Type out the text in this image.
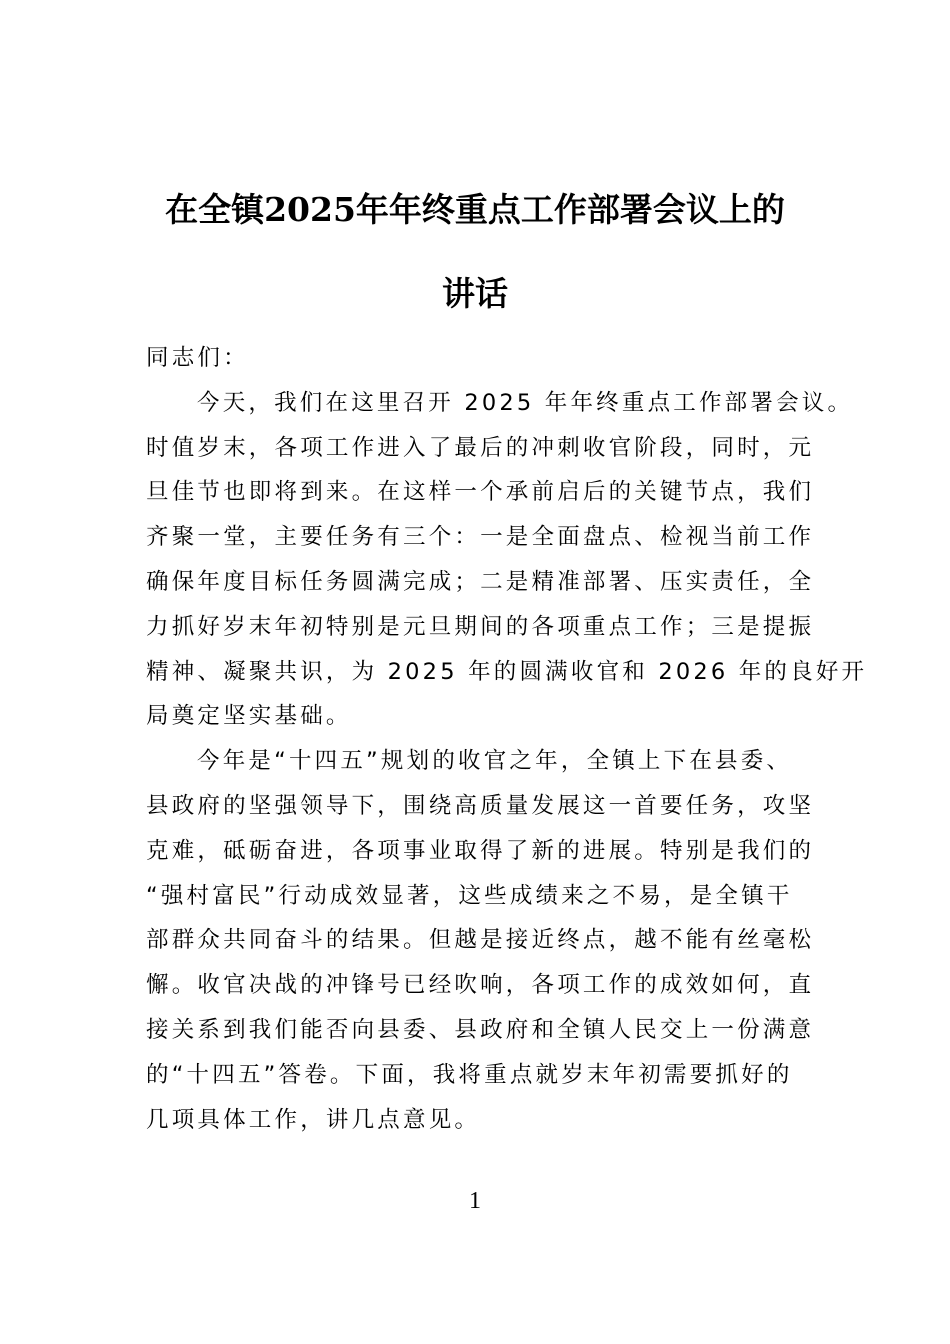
在全镇2025年年终重点工作部署会议上的
讲话

同志们：

今天，我们在这里召开 2025 年年终重点工作部署会议。
时值岁末，各项工作进入了最后的冲刺收官阶段，同时，元
旦佳节也即将到来。在这样一个承前启后的关键节点，我们
齐聚一堂，主要任务有三个：一是全面盘点、检视当前工作
确保年度目标任务圆满完成；二是精准部署、压实责任，全
力抓好岁末年初特别是元旦期间的各项重点工作；三是提振
精神、凝聚共识，为 2025 年的圆满收官和 2026 年的良好开
局奠定坚实基础。

今年是“十四五”规划的收官之年，全镇上下在县委、
县政府的坚强领导下，围绕高质量发展这一首要任务，攻坚
克难，砥砺奋进，各项事业取得了新的进展。特别是我们的
“强村富民”行动成效显著，这些成绩来之不易，是全镇干
部群众共同奋斗的结果。但越是接近终点，越不能有丝毫松
懈。收官决战的冲锋号已经吹响，各项工作的成效如何，直
接关系到我们能否向县委、县政府和全镇人民交上一份满意
的“十四五”答卷。下面，我将重点就岁末年初需要抓好的
几项具体工作，讲几点意见。

1
